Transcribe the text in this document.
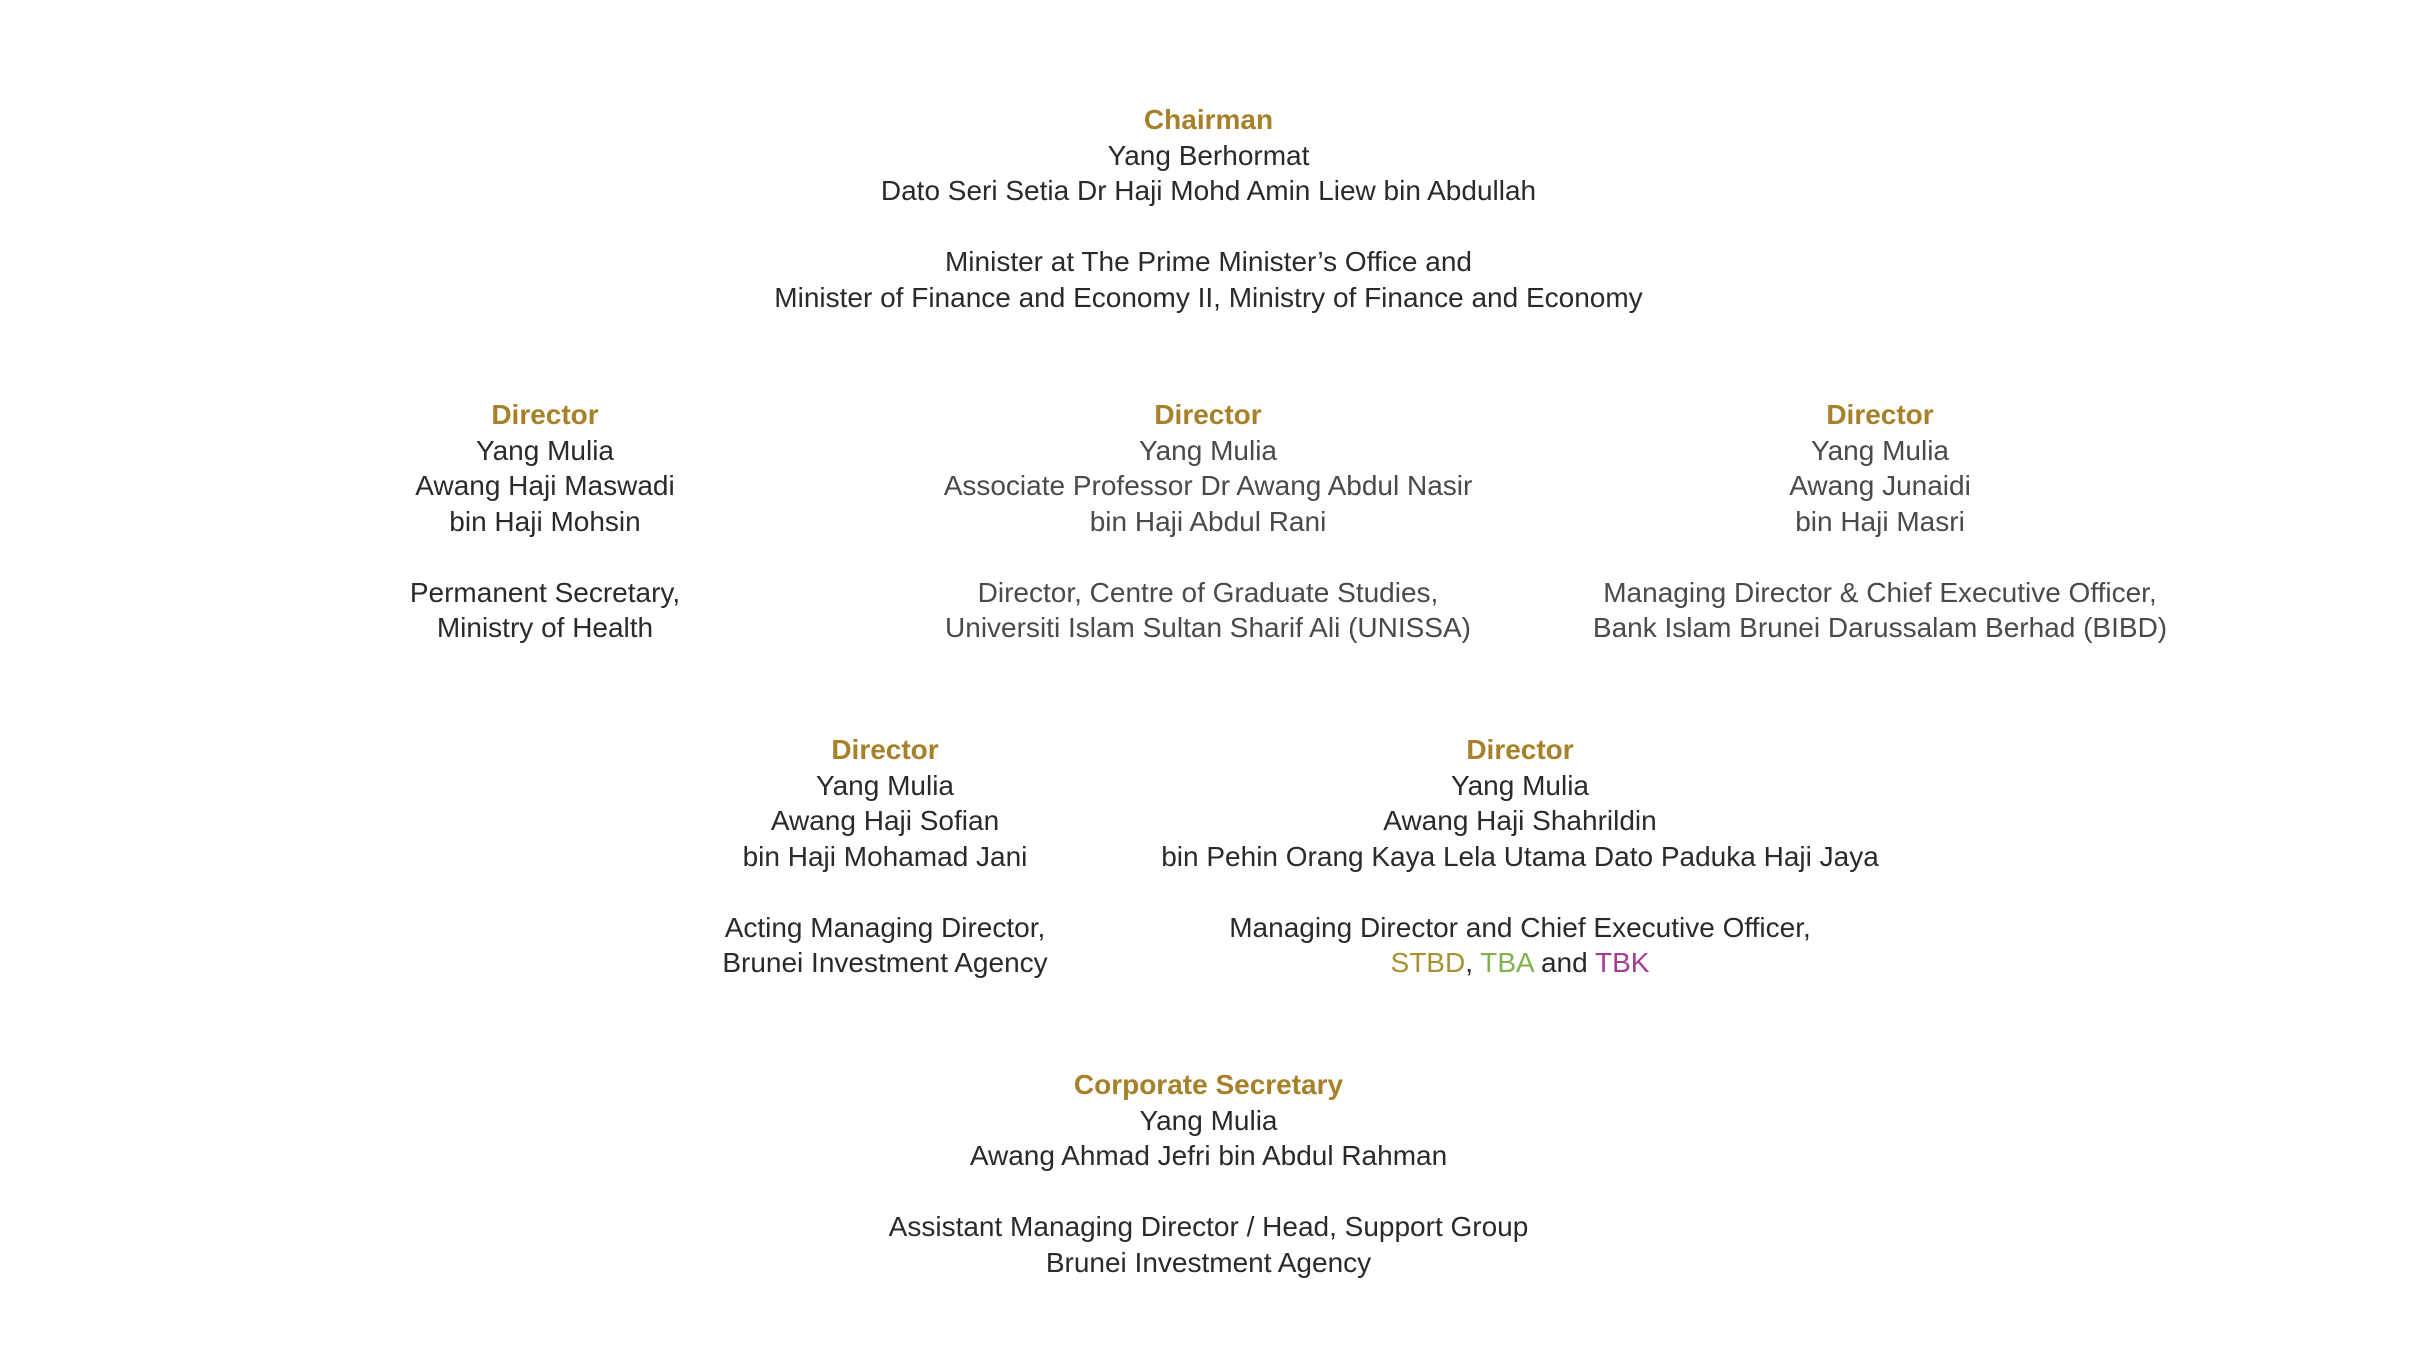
Chairman
Yang Berhormat
Dato Seri Setia Dr Haji Mohd Amin Liew bin Abdullah
Minister at The Prime Minister’s Office and
Minister of Finance and Economy II, Ministry of Finance and Economy
Director
Yang Mulia
Awang Haji Maswadi
bin Haji Mohsin
Permanent Secretary,
Ministry of Health
Director
Yang Mulia
Associate Professor Dr Awang Abdul Nasir
bin Haji Abdul Rani
Director, Centre of Graduate Studies,
Universiti Islam Sultan Sharif Ali (UNISSA)
Director
Yang Mulia
Awang Junaidi
bin Haji Masri
Managing Director & Chief Executive Officer,
Bank Islam Brunei Darussalam Berhad (BIBD)
Director
Yang Mulia
Awang Haji Sofian
bin Haji Mohamad Jani
Acting Managing Director,
Brunei Investment Agency
Director
Yang Mulia
Awang Haji Shahrildin
bin Pehin Orang Kaya Lela Utama Dato Paduka Haji Jaya
Managing Director and Chief Executive Officer,
STBD, TBA and TBK
Corporate Secretary
Yang Mulia
Awang Ahmad Jefri bin Abdul Rahman
Assistant Managing Director / Head, Support Group
Brunei Investment Agency
